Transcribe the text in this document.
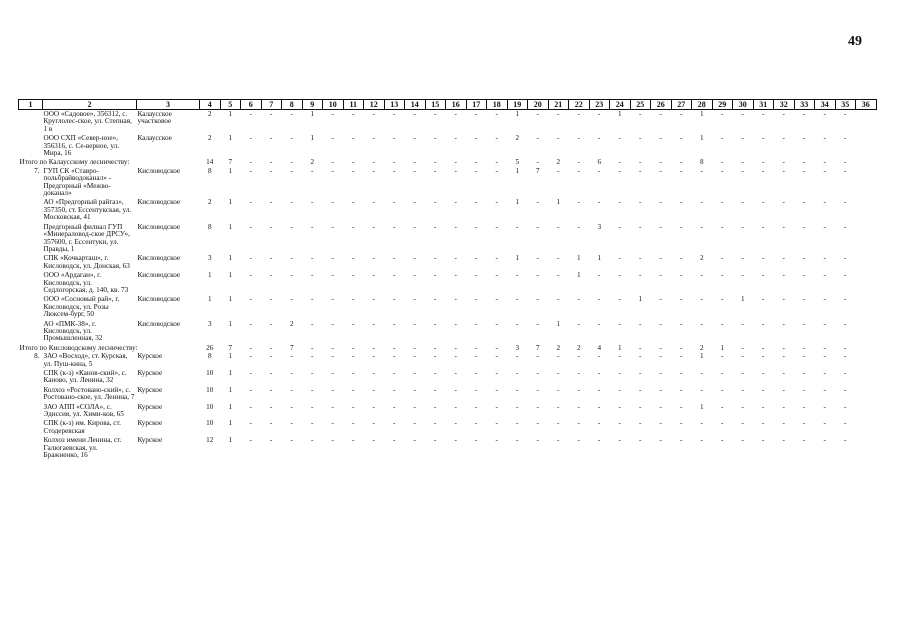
49
1	2	3	4	5	6	7	8	9	10	11	12	13	14	15	16	17	18	19	20	21	22	23	24	25	26	27	28	29	30	31	32	33	34	35	36
	ООО «Садовое», 356312, с. Круглолес-ское, ул. Степная, 1 в	Калаусское участковое	2	1	-	-	-	1	-	-	-	-	-	-	-	-	-	1	-	-	-	-	1	-	-	-	1	-	-	-	-	-	-	-	
	ООО СХП «Север-ное», 356316, с. Се-верное, ул. Мира, 16	Калаусское	2	1	-	-	-	1	-	-	-	-	-	-	-	-	-	2	-	-	-	-	-	-	-	-	1	-	-	-	-	-	-	-	
Итого по Калаусскому лесничеству:			14	7	-	-	-	2	-	-	-	-	-	-	-	-	-	5	-	2	-	6	-	-	-	-	8	-	-	-	-	-	-	-	
7.	ГУП СК «Ставро-польбрайводоканал» - Предгорный «Межво-доканал»	Кисловодское	8	1	-	-	-	-	-	-	-	-	-	-	-	-	-	1	7	-	-	-	-	-	-	-	-	-	-	-	-	-	-	-	
	АО «Предгорный райгаз», 357350, ст. Ессентукская, ул. Московская, 41	Кисловодское	2	1	-	-	-	-	-	-	-	-	-	-	-	-	-	1	-	1	-	-	-	-	-	-	-	-	-	-	-	-	-	-	
	Предгорный филиал ГУП «Минераловод-ское ДРСУ», 357600, г. Ессентуки, ул. Правды, 1	Кисловодское	8	1	-	-	-	-	-	-	-	-	-	-	-	-	-	-	-	-	-	3	-	-	-	-	-	-	-	-	-	-	-	-	
	СПК «Кочкарташ», г. Кисловодск, ул. Донская, 63	Кисловодское	3	1	-	-	-	-	-	-	-	-	-	-	-	-	-	1	-	-	1	1	-	-	-	-	2	-	-	-	-	-	-	-	
	ООО «Ардаган», г. Кисловодск, ул. Седлогорская, д. 140, кв. 73	Кисловодское	1	1	-	-	-	-	-	-	-	-	-	-	-	-	-	-	-	-	1	-	-	-	-	-	-	-	-	-	-	-	-	-	
	ООО «Сосновый рай», г. Кисловодск, ул. Розы Люксем-бург, 50	Кисловодское	1	1	-	-	-	-	-	-	-	-	-	-	-	-	-	-	-	-	-	-	-	1	-	-	-	-	1	-	-	-	-	-	
	АО «ПМК-38», г. Кисловодск, ул. Промышленная, 32	Кисловодское	3	1	-	-	2	-	-	-	-	-	-	-	-	-	-	-	-	1	-	-	-	-	-	-	-	-	-	-	-	-	-	-	
Итого по Кисловодскому лесничеству:			26	7	-	-	7	-	-	-	-	-	-	-	-	-	-	3	7	2	2	4	1	-	-	-	2	1	-	-	-	-	-	-	
8.	ЗАО «Восход», ст. Курская, ул. Пуш-кина, 5	Курское	8	1	-	-	-	-	-	-	-	-	-	-	-	-	-	-	-	-	-	-	-	-	-	-	1	-	-	-	-	-	-	-	
	СПК (к-з) «Канов-ский», с. Каново, ул. Ленина, 32	Курское	10	1	-	-	-	-	-	-	-	-	-	-	-	-	-	-	-	-	-	-	-	-	-	-	-	-	-	-	-	-	-	-	
	Колхоз «Ростовано-ский», с. Ростовано-ское, ул. Ленина, 7	Курское	10	1	-	-	-	-	-	-	-	-	-	-	-	-	-	-	-	-	-	-	-	-	-	-	-	-	-	-	-	-	-	-	
	ЗАО АПП «СОЛА», с. Эдиссия, ул. Хими-ков, 65	Курское	10	1	-	-	-	-	-	-	-	-	-	-	-	-	-	-	-	-	-	-	-	-	-	-	1	-	-	-	-	-	-	-	
	СПК (к-з) им. Кирова, ст. Стодеревская	Курское	10	1	-	-	-	-	-	-	-	-	-	-	-	-	-	-	-	-	-	-	-	-	-	-	-	-	-	-	-	-	-	-	
	Колхоз имени Ленина, ст. Галюгаевская, ул. Бражненко, 16	Курское	12	1	-	-	-	-	-	-	-	-	-	-	-	-	-	-	-	-	-	-	-	-	-	-	-	-	-	-	-	-	-	-	
